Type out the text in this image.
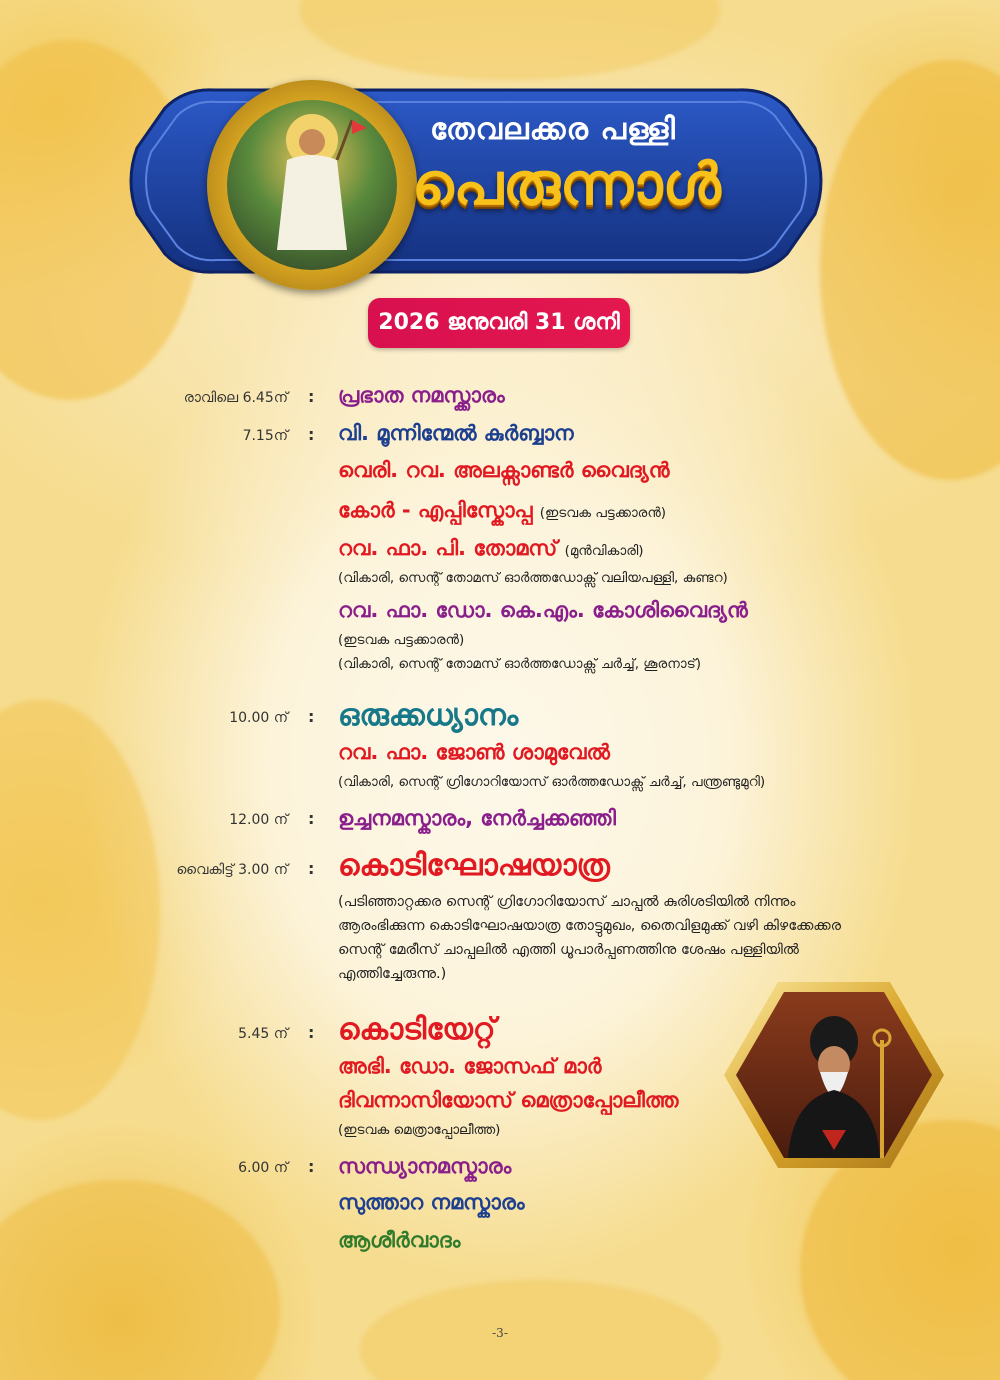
തേവലക്കര പള്ളി
പെരുന്നാൾ
2026 ജനുവരി 31 ശനി
രാവിലെ 6.45ന് : പ്രഭാത നമസ്ക്കാരം
7.15ന് : വി. മൂന്നിന്മേൽ കുർബ്ബാന
വെരി. റവ. അലക്സാണ്ടർ വൈദ്യൻ
കോർ - എപ്പിസ്കോപ്പ (ഇടവക പട്ടക്കാരൻ)
റവ. ഫാ. പി. തോമസ് (മുൻവികാരി)
(വികാരി, സെന്റ് തോമസ് ഓർത്തഡോക്സ് വലിയപള്ളി, കുണ്ടറ)
റവ. ഫാ. ഡോ. കെ.എം. കോശിവൈദ്യൻ
(ഇടവക പട്ടക്കാരൻ)
(വികാരി, സെന്റ് തോമസ് ഓർത്തഡോക്സ് ചർച്ച്, ശൂരനാട്)
10.00 ന് : ഒരുക്കധ്യാനം
റവ. ഫാ. ജോൺ ശാമുവേൽ
(വികാരി, സെന്റ് ഗ്രിഗോറിയോസ് ഓർത്തഡോക്സ് ചർച്ച്, പന്ത്രണ്ടുമുറി)
12.00 ന് : ഉച്ചനമസ്കാരം, നേർച്ചക്കഞ്ഞി
വൈകിട്ട് 3.00 ന് : കൊടിഘോഷയാത്ര
(പടിഞ്ഞാറ്റക്കര സെന്റ് ഗ്രിഗോറിയോസ് ചാപ്പൽ കുരിശടിയിൽ നിന്നും ആരംഭിക്കുന്ന കൊടിഘോഷയാത്ര തോട്ടുമുഖം, തൈവിളമുക്ക് വഴി കിഴക്കേക്കര സെന്റ് മേരീസ് ചാപ്പലിൽ എത്തി ധൂപാർപ്പണത്തിനു ശേഷം പള്ളിയിൽ എത്തിച്ചേരുന്നു.)
5.45 ന് : കൊടിയേറ്റ്
അഭി. ഡോ. ജോസഫ് മാർ
ദിവന്നാസിയോസ് മെത്രാപ്പോലീത്ത
(ഇടവക മെത്രാപ്പോലീത്ത)
6.00 ന് : സന്ധ്യാനമസ്കാരം
സുത്താറ നമസ്കാരം
ആശീർവാദം
-3-
